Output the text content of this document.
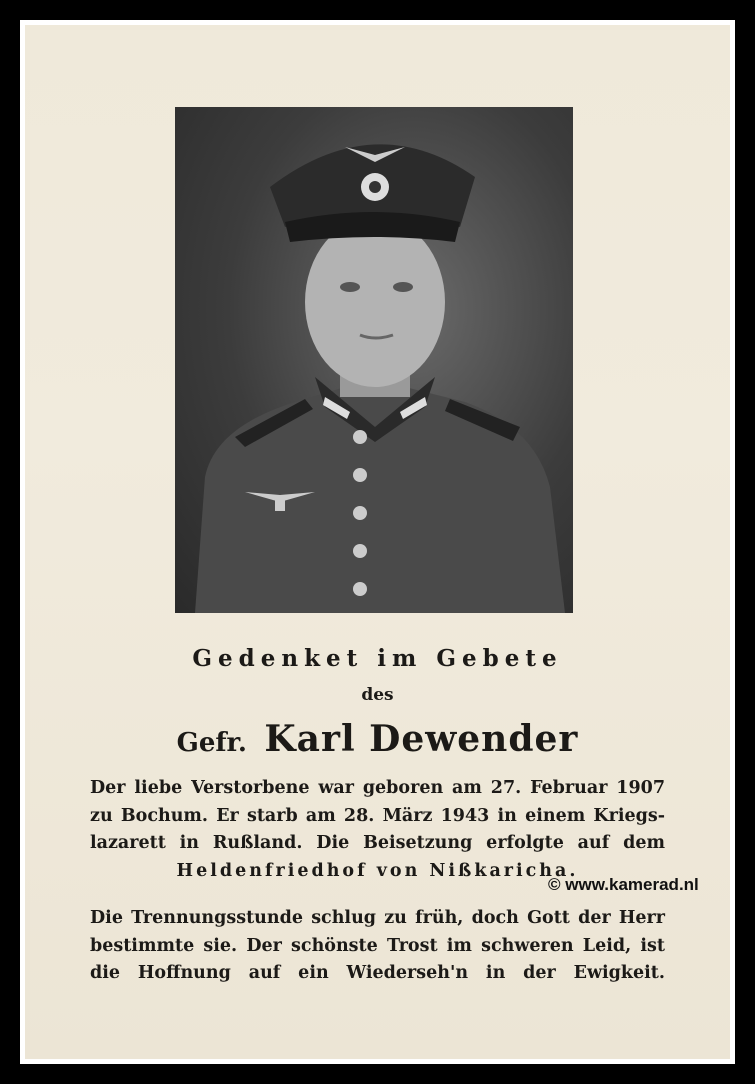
Gedenket im Gebete
des
Gefr. Karl Dewender
Der liebe Verstorbene war geboren am 27. Februar 1907
zu Bochum. Er starb am 28. März 1943 in einem Kriegs-
lazarett in Rußland. Die Beisetzung erfolgte auf dem
Heldenfriedhof von Nißkaricha.
Die Trennungsstunde schlug zu früh, doch Gott der Herr
bestimmte sie. Der schönste Trost im schweren Leid, ist
die Hoffnung auf ein Wiederseh'n in der Ewigkeit.
© www.kamerad.nl
